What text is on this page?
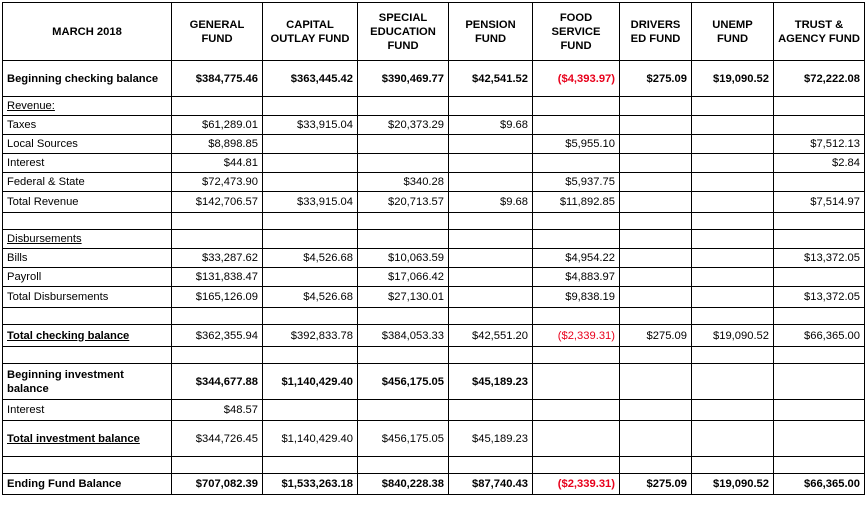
MARCH 2018	GENERAL FUND	CAPITAL OUTLAY FUND	SPECIAL EDUCATION FUND	PENSION FUND	FOOD SERVICE FUND	DRIVERS ED FUND	UNEMP FUND	TRUST & AGENCY FUND
Beginning checking balance	$384,775.46	$363,445.42	$390,469.77	$42,541.52	($4,393.97)	$275.09	$19,090.52	$72,222.08
Revenue:								
Taxes	$61,289.01	$33,915.04	$20,373.29	$9.68				
Local Sources	$8,898.85				$5,955.10			$7,512.13
Interest	$44.81							$2.84
Federal & State	$72,473.90		$340.28		$5,937.75			
Total Revenue	$142,706.57	$33,915.04	$20,713.57	$9.68	$11,892.85			$7,514.97

Disbursements								
Bills	$33,287.62	$4,526.68	$10,063.59		$4,954.22			$13,372.05
Payroll	$131,838.47		$17,066.42		$4,883.97			
Total Disbursements	$165,126.09	$4,526.68	$27,130.01		$9,838.19			$13,372.05

Total checking balance	$362,355.94	$392,833.78	$384,053.33	$42,551.20	($2,339.31)	$275.09	$19,090.52	$66,365.00

Beginning investment balance	$344,677.88	$1,140,429.40	$456,175.05	$45,189.23				
Interest	$48.57							
Total investment balance	$344,726.45	$1,140,429.40	$456,175.05	$45,189.23				

Ending Fund Balance	$707,082.39	$1,533,263.18	$840,228.38	$87,740.43	($2,339.31)	$275.09	$19,090.52	$66,365.00
